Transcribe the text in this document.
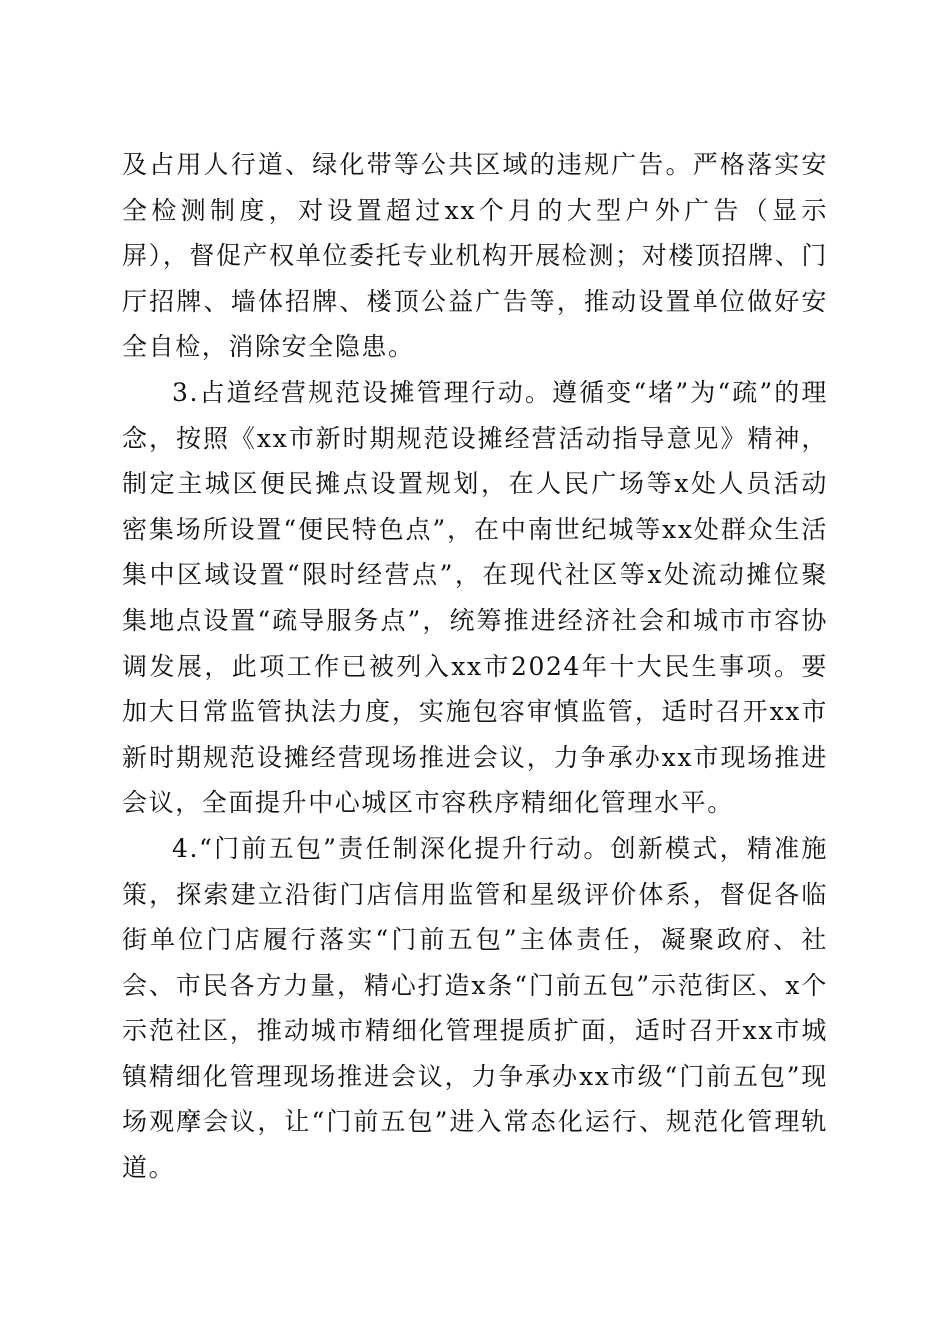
及占用人行道、绿化带等公共区域的违规广告。严格落实安全检测制度，对设置超过xx个月的大型户外广告（显示屏），督促产权单位委托专业机构开展检测；对楼顶招牌、门厅招牌、墙体招牌、楼顶公益广告等，推动设置单位做好安全自检，消除安全隐患。

3.占道经营规范设摊管理行动。遵循变“堵”为“疏”的理念，按照《xx市新时期规范设摊经营活动指导意见》精神，制定主城区便民摊点设置规划，在人民广场等x处人员活动密集场所设置“便民特色点”，在中南世纪城等xx处群众生活集中区域设置“限时经营点”，在现代社区等x处流动摊位聚集地点设置“疏导服务点”，统筹推进经济社会和城市市容协调发展，此项工作已被列入xx市2024年十大民生事项。要加大日常监管执法力度，实施包容审慎监管，适时召开xx市新时期规范设摊经营现场推进会议，力争承办xx市现场推进会议，全面提升中心城区市容秩序精细化管理水平。

4.“门前五包”责任制深化提升行动。创新模式，精准施策，探索建立沿街门店信用监管和星级评价体系，督促各临街单位门店履行落实“门前五包”主体责任，凝聚政府、社会、市民各方力量，精心打造x条“门前五包”示范街区、x个示范社区，推动城市精细化管理提质扩面，适时召开xx市城镇精细化管理现场推进会议，力争承办xx市级“门前五包”现场观摩会议，让“门前五包”进入常态化运行、规范化管理轨道。
